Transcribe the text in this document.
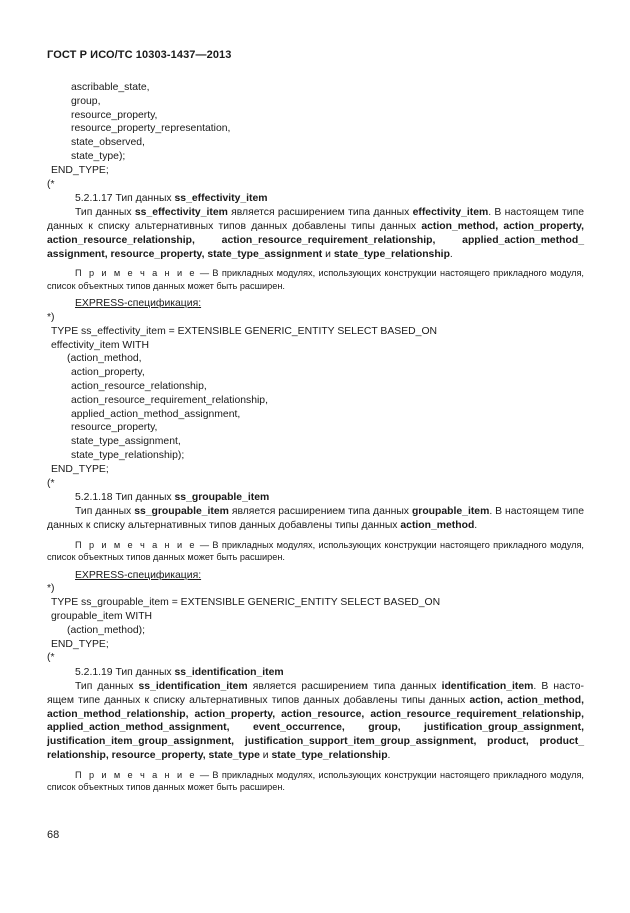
ГОСТ Р ИСО/ТС 10303-1437—2013
ascribable_state,
group,
resource_property,
resource_property_representation,
state_observed,
state_type);
END_TYPE;
(*
5.2.1.17 Тип данных ss_effectivity_item
Тип данных ss_effectivity_item является расширением типа данных effectivity_item. В настоящем типе данных к списку альтернативных типов данных добавлены типы данных action_method, action_property, action_resource_relationship, action_resource_requirement_relationship, applied_action_method_ assignment, resource_property, state_type_assignment и state_type_relationship.
П р и м е ч а н и е — В прикладных модулях, использующих конструкции настоящего прикладного модуля, список объектных типов данных может быть расширен.
EXPRESS-спецификация:
*)
TYPE ss_effectivity_item = EXTENSIBLE GENERIC_ENTITY SELECT BASED_ON
effectivity_item WITH
(action_method,
action_property,
action_resource_relationship,
action_resource_requirement_relationship,
applied_action_method_assignment,
resource_property,
state_type_assignment,
state_type_relationship);
END_TYPE;
(*
5.2.1.18 Тип данных ss_groupable_item
Тип данных ss_groupable_item является расширением типа данных groupable_item. В настоящем типе данных к списку альтернативных типов данных добавлены типы данных action_method.
П р и м е ч а н и е — В прикладных модулях, использующих конструкции настоящего прикладного модуля, список объектных типов данных может быть расширен.
EXPRESS-спецификация:
*)
TYPE ss_groupable_item = EXTENSIBLE GENERIC_ENTITY SELECT BASED_ON
groupable_item WITH
(action_method);
END_TYPE;
(*
5.2.1.19 Тип данных ss_identification_item
Тип данных ss_identification_item является расширением типа данных identification_item. В насто-ящем типе данных к списку альтернативных типов данных добавлены типы данных action, action_method, action_method_relationship, action_property, action_resource, action_resource_requirement_relationship, applied_action_method_assignment, event_occurrence, group, justification_group_assignment, justification_item_group_assignment, justification_support_item_group_assignment, product, product_ relationship, resource_property, state_type и state_type_relationship.
П р и м е ч а н и е — В прикладных модулях, использующих конструкции настоящего прикладного модуля, список объектных типов данных может быть расширен.
68
